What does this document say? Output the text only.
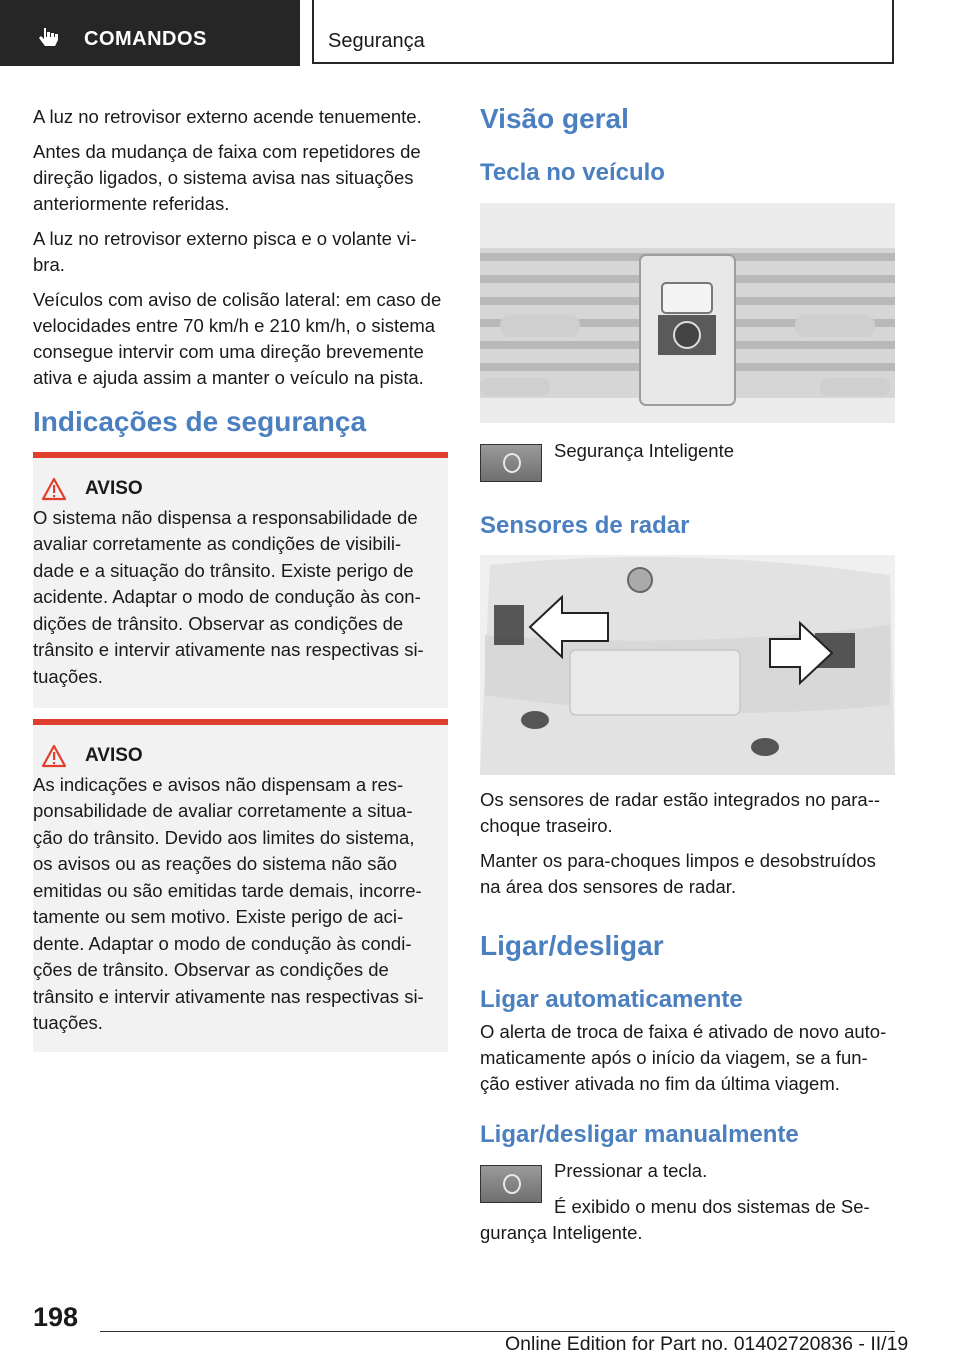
COMANDOS	Segurança

A luz no retrovisor externo acende tenuemente.

Antes da mudança de faixa com repetidores de direção ligados, o sistema avisa nas situações anteriormente referidas.

A luz no retrovisor externo pisca e o volante vi-bra.

Veículos com aviso de colisão lateral: em caso de velocidades entre 70 km/h e 210 km/h, o sistema consegue intervir com uma direção brevemente ativa e ajuda assim a manter o veículo na pista.

Indicações de segurança
AVISO

O sistema não dispensa a responsabilidade de avaliar corretamente as condições de visibili-dade e a situação do trânsito. Existe perigo de acidente. Adaptar o modo de condução às con-dições de trânsito. Observar as condições de trânsito e intervir ativamente nas respectivas si-tuações.

AVISO

As indicações e avisos não dispensam a res-ponsabilidade de avaliar corretamente a situa-ção do trânsito. Devido aos limites do sistema, os avisos ou as reações do sistema não são emitidas ou são emitidas tarde demais, incorre-tamente ou sem motivo. Existe perigo de aci-dente. Adaptar o modo de condução às condi-ções de trânsito. Observar as condições de trânsito e intervir ativamente nas respectivas si-tuações.

Visão geral
Tecla no veículo
Segurança Inteligente
Sensores de radar

Os sensores de radar estão integrados no para--choque traseiro.

Manter os para-choques limpos e desobstruídos na área dos sensores de radar.

Ligar/desligar
Ligar automaticamente

O alerta de troca de faixa é ativado de novo auto-maticamente após o início da viagem, se a fun-ção estiver ativada no fim da última viagem.

Ligar/desligar manualmente
Pressionar a tecla.
É exibido o menu dos sistemas de Se-gurança Inteligente.
198
Online Edition for Part no. 01402720836 - II/19
